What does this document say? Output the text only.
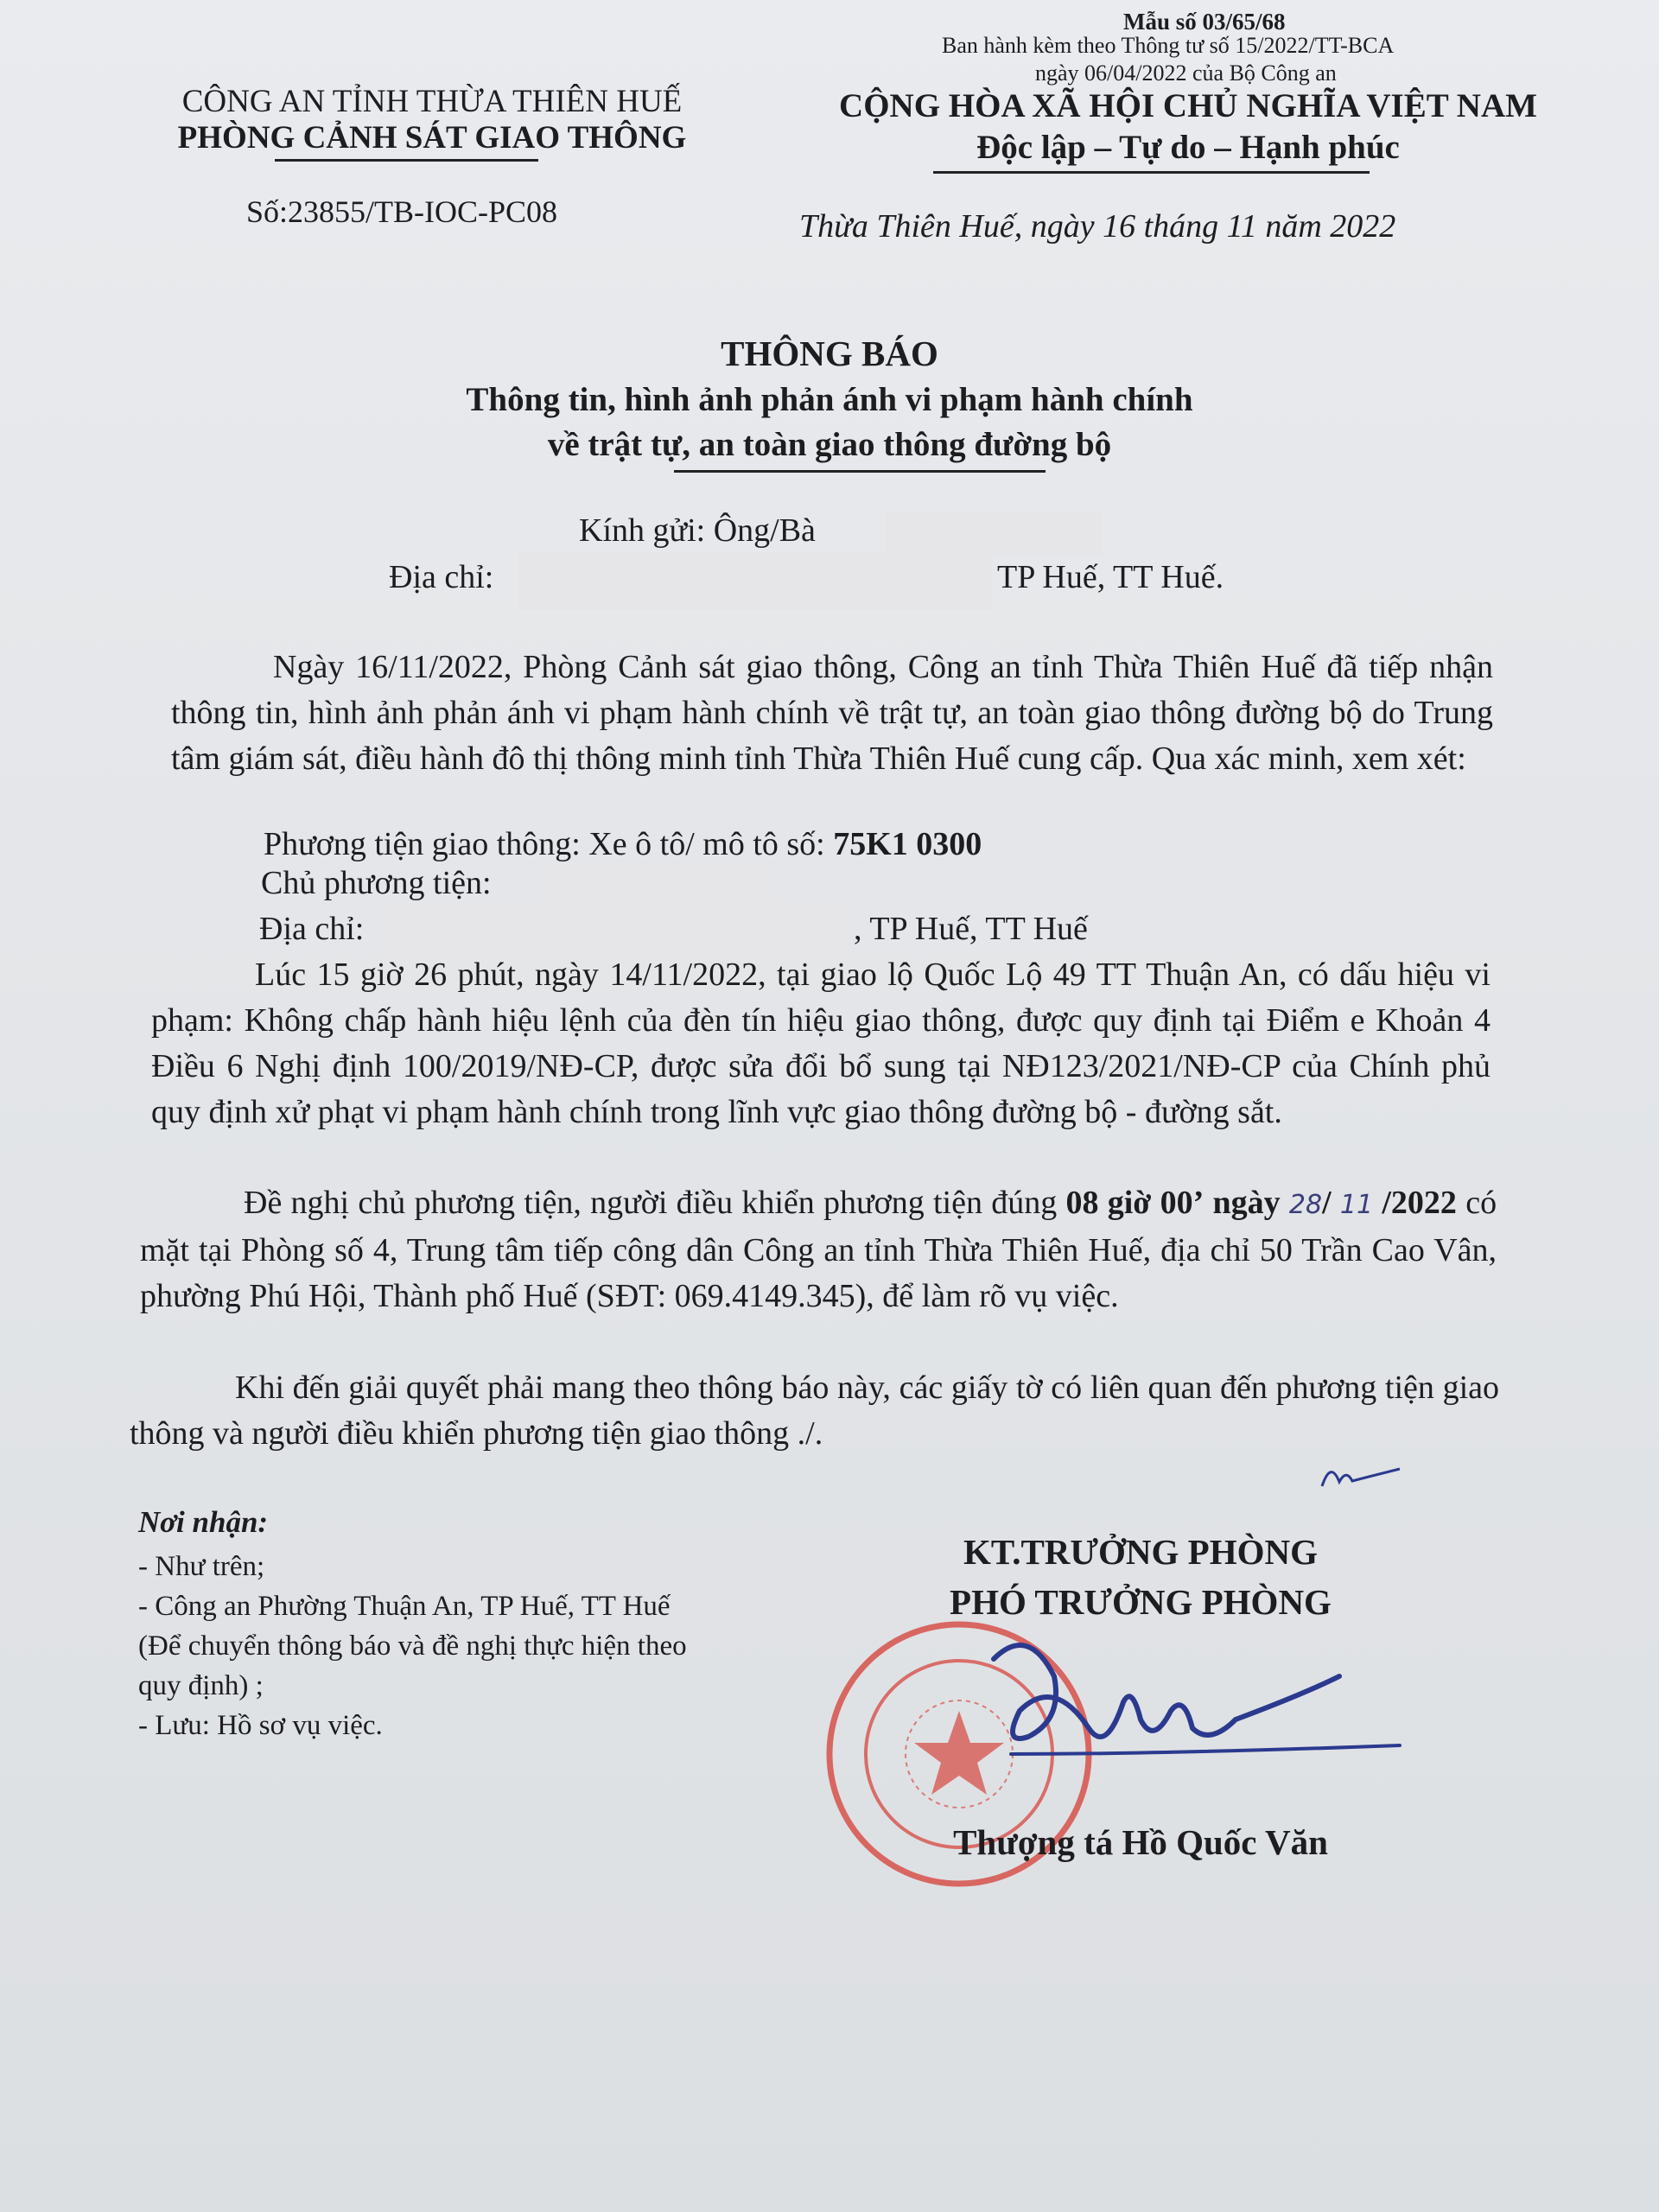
Mẫu số 03/65/68
Ban hành kèm theo Thông tư số 15/2022/TT-BCA
ngày 06/04/2022 của Bộ Công an
CÔNG AN TỈNH THỪA THIÊN HUẾ
PHÒNG CẢNH SÁT GIAO THÔNG
Số:23855/TB-IOC-PC08
CỘNG HÒA XÃ HỘI CHỦ NGHĨA VIỆT NAM
Độc lập – Tự do – Hạnh phúc
Thừa Thiên Huế, ngày 16 tháng 11 năm 2022
THÔNG BÁO
Thông tin, hình ảnh phản ánh vi phạm hành chính
về trật tự, an toàn giao thông đường bộ
Kính gửi: Ông/Bà
Địa chỉ:	TP Huế, TT Huế.
Ngày 16/11/2022, Phòng Cảnh sát giao thông, Công an tỉnh Thừa Thiên Huế đã tiếp nhận thông tin, hình ảnh phản ánh vi phạm hành chính về trật tự, an toàn giao thông đường bộ do Trung tâm giám sát, điều hành đô thị thông minh tỉnh Thừa Thiên Huế cung cấp. Qua xác minh, xem xét:
Phương tiện giao thông: Xe ô tô/ mô tô số: 75K1 0300
Chủ phương tiện:
Địa chỉ:	, TP Huế, TT Huế
Lúc 15 giờ 26 phút, ngày 14/11/2022, tại giao lộ Quốc Lộ 49 TT Thuận An, có dấu hiệu vi phạm: Không chấp hành hiệu lệnh của đèn tín hiệu giao thông, được quy định tại Điểm e Khoản 4 Điều 6 Nghị định 100/2019/NĐ-CP, được sửa đổi bổ sung tại NĐ123/2021/NĐ-CP của Chính phủ quy định xử phạt vi phạm hành chính trong lĩnh vực giao thông đường bộ - đường sắt.
Đề nghị chủ phương tiện, người điều khiển phương tiện đúng 08 giờ 00’ ngày 28/ 11 /2022 có mặt tại Phòng số 4, Trung tâm tiếp công dân Công an tỉnh Thừa Thiên Huế, địa chỉ 50 Trần Cao Vân, phường Phú Hội, Thành phố Huế (SĐT: 069.4149.345), để làm rõ vụ việc.
Khi đến giải quyết phải mang theo thông báo này, các giấy tờ có liên quan đến phương tiện giao thông và người điều khiển phương tiện giao thông ./.
Nơi nhận:
- Như trên;
- Công an Phường Thuận An, TP Huế, TT Huế
(Để chuyển thông báo và đề nghị thực hiện theo
quy định) ;
- Lưu: Hồ sơ vụ việc.
KT.TRƯỞNG PHÒNG
PHÓ TRƯỞNG PHÒNG
Thượng tá Hồ Quốc Văn
